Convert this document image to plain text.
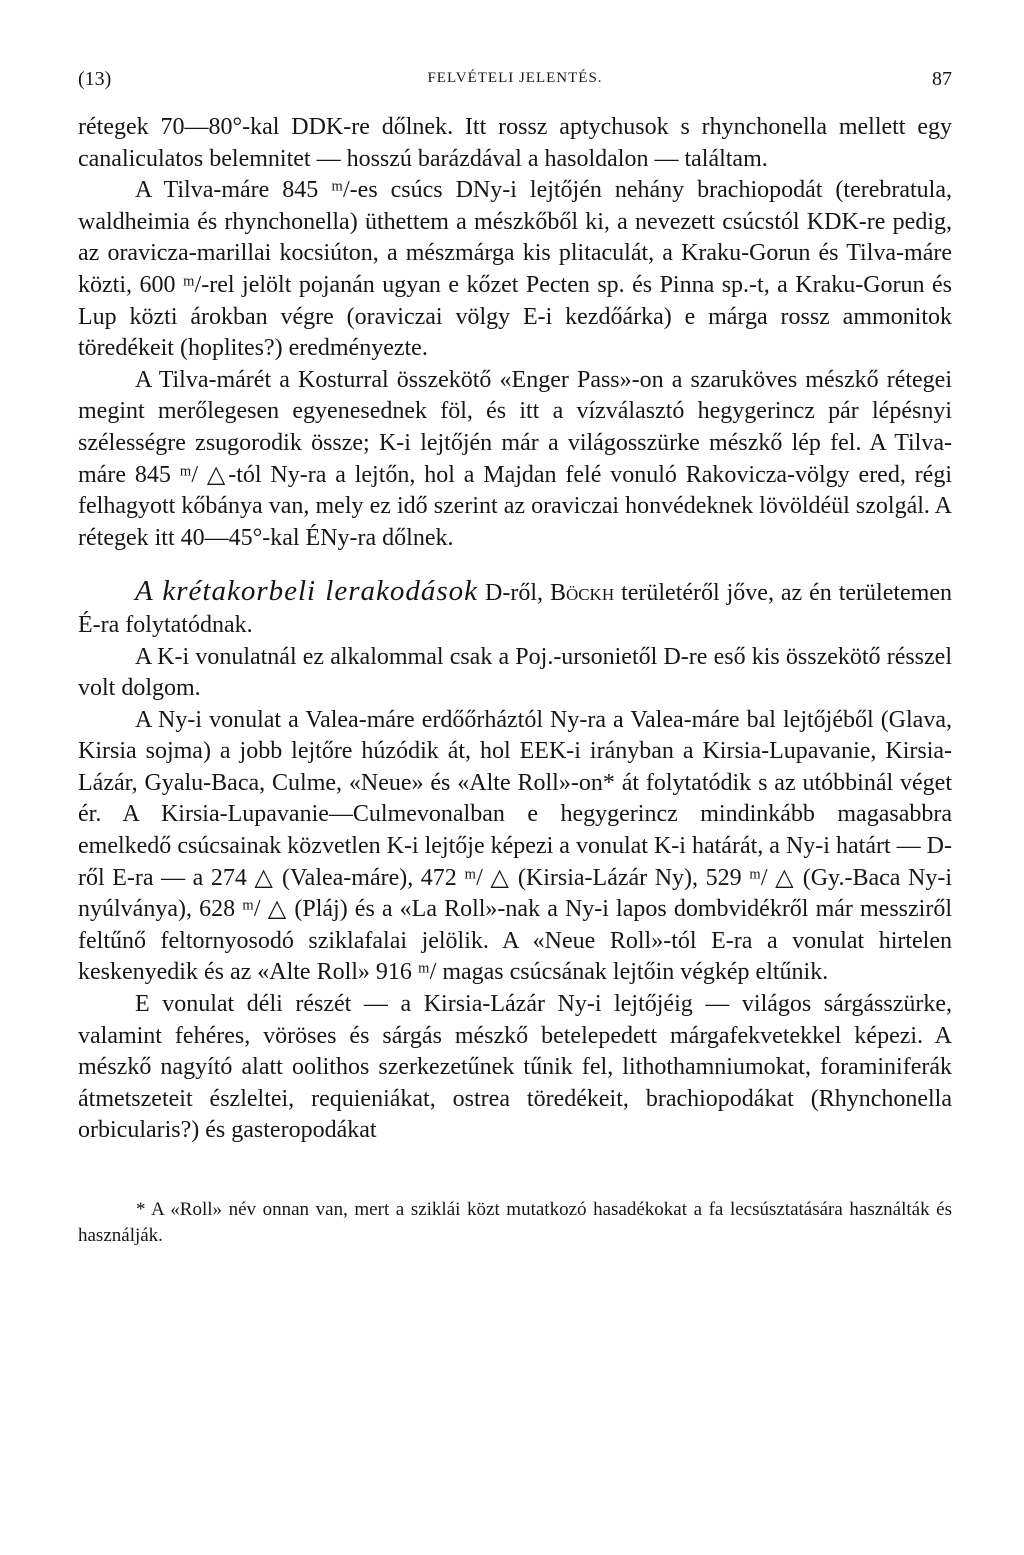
(13)	FELVÉTELI JELENTÉS.	87

rétegek 70—80°-kal DDK-re dőlnek. Itt rossz aptychusok s rhynchonella mellett egy canaliculatos belemnitet — hosszú barázdával a hasoldalon — találtam.

A Tilva-máre 845 ᵐ/-es csúcs DNy-i lejtőjén nehány brachiopodát (terebratula, waldheimia és rhynchonella) üthettem a mészkőből ki, a nevezett csúcstól KDK-re pedig, az oravicza-marillai kocsiúton, a mészmárga kis plitaculát, a Kraku-Gorun és Tilva-máre közti, 600 ᵐ/-rel jelölt pojanán ugyan e kőzet Pecten sp. és Pinna sp.-t, a Kraku-Gorun és Lup közti árokban végre (oraviczai völgy E-i kezdőárka) e márga rossz ammonitok töredékeit (hoplites?) eredményezte.

A Tilva-márét a Kosturral összekötő «Enger Pass»-on a szaruköves mészkő rétegei megint merőlegesen egyenesednek föl, és itt a vízválasztó hegygerincz pár lépésnyi szélességre zsugorodik össze; K-i lejtőjén már a világosszürke mészkő lép fel. A Tilva-máre 845 ᵐ/ △-tól Ny-ra a lejtőn, hol a Majdan felé vonuló Rakovicza-völgy ered, régi felhagyott kőbánya van, mely ez idő szerint az oraviczai honvédeknek lövöldéül szolgál. A rétegek itt 40—45°-kal ÉNy-ra dőlnek.

A krétakorbeli lerakodások D-ről, Böckh területéről jőve, az én területemen É-ra folytatódnak.

A K-i vonulatnál ez alkalommal csak a Poj.-ursonietől D-re eső kis összekötő résszel volt dolgom.

A Ny-i vonulat a Valea-máre erdőőrháztól Ny-ra a Valea-máre bal lejtőjéből (Glava, Kirsia sojma) a jobb lejtőre húzódik át, hol EEK-i irányban a Kirsia-Lupavanie, Kirsia-Lázár, Gyalu-Baca, Culme, «Neue» és «Alte Roll»-on* át folytatódik s az utóbbinál véget ér. A Kirsia-Lupavanie—Culmevonalban e hegygerincz mindinkább magasabbra emelkedő csúcsainak közvetlen K-i lejtője képezi a vonulat K-i határát, a Ny-i határt — D-ről E-ra — a 274 △ (Valea-máre), 472 ᵐ/ △ (Kirsia-Lázár Ny), 529 ᵐ/ △ (Gy.-Baca Ny-i nyúlványa), 628 ᵐ/ △ (Pláj) és a «La Roll»-nak a Ny-i lapos dombvidékről már messziről feltűnő feltornyosodó sziklafalai jelölik. A «Neue Roll»-tól E-ra a vonulat hirtelen keskenyedik és az «Alte Roll» 916 ᵐ/ magas csúcsának lejtőin végkép eltűnik.

E vonulat déli részét — a Kirsia-Lázár Ny-i lejtőjéig — világos sárgásszürke, valamint fehéres, vöröses és sárgás mészkő betelepedett márgafekvetekkel képezi. A mészkő nagyító alatt oolithos szerkezetűnek tűnik fel, lithothamniumokat, foraminiferák átmetszeteit észleltei, requieniákat, ostrea töredékeit, brachiopodákat (Rhynchonella orbicularis?) és gasteropodákat

* A «Roll» név onnan van, mert a sziklái közt mutatkozó hasadékokat a fa lecsúsztatására használták és használják.
